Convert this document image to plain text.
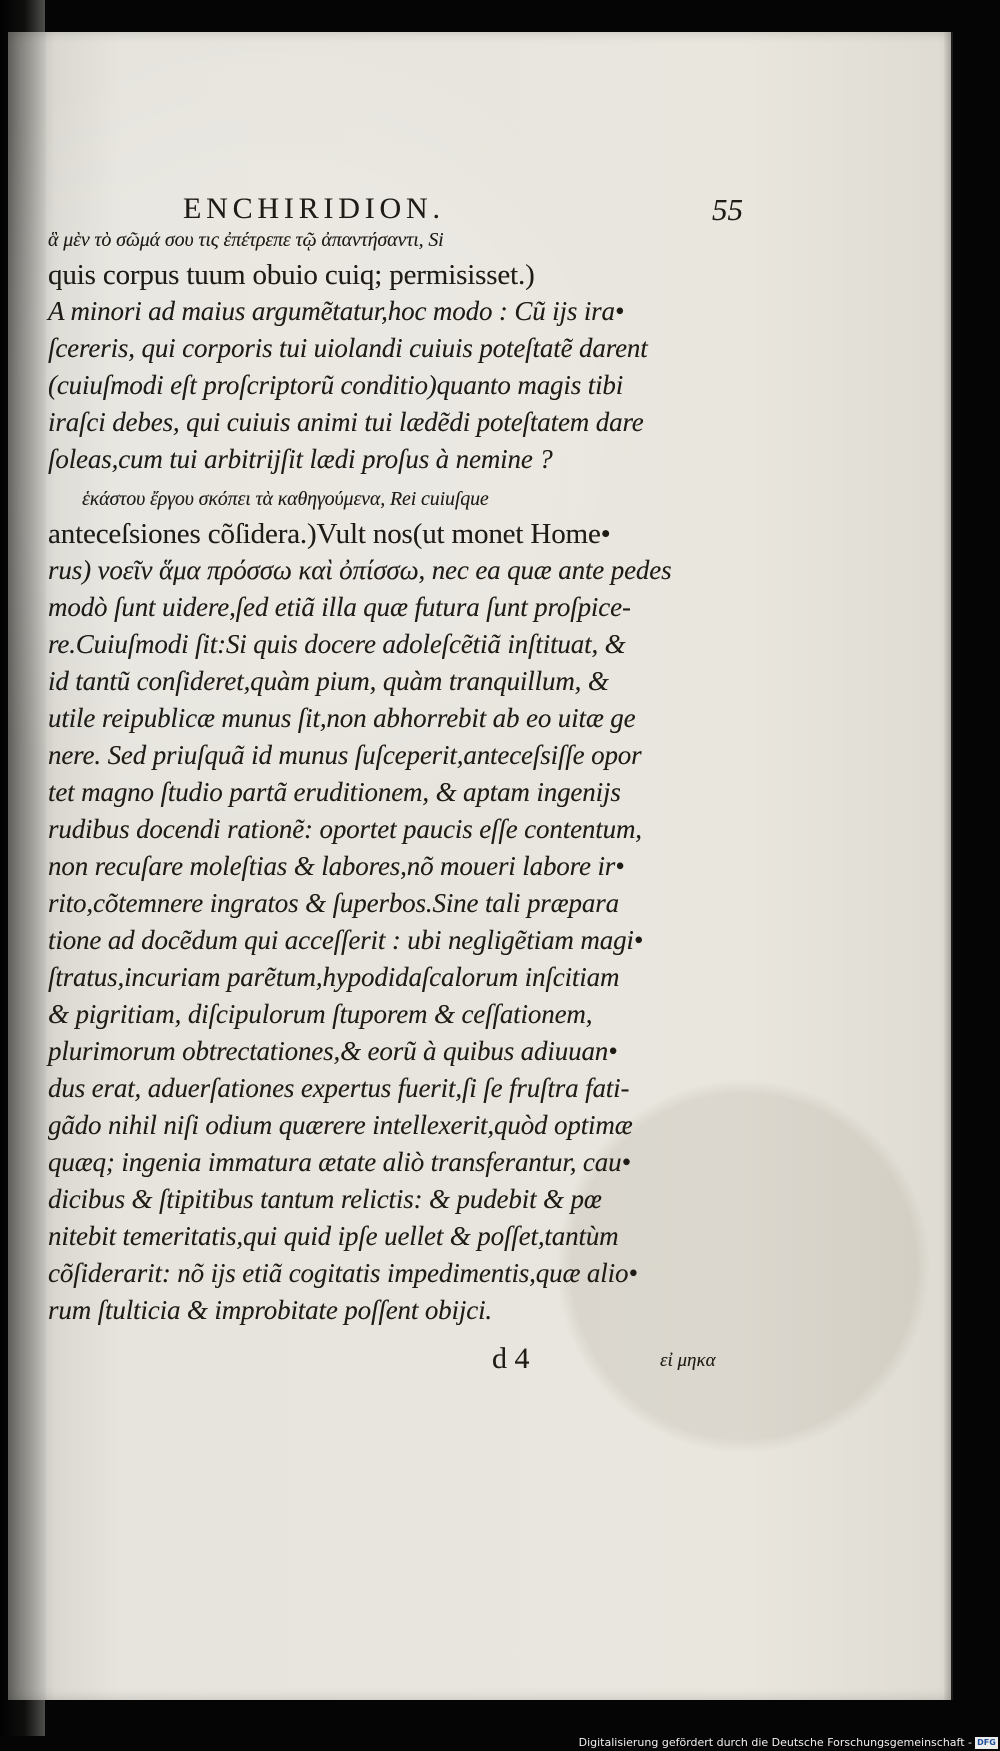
ENCHIRIDION.	55
ἃ μὲν τὸ σῶμά σου τις ἐπέτρεπε τῷ ἀπαντήσαντι, Si
quis corpus tuum obuio cuiq; permisisset.)
A minori ad maius argumẽtatur,hoc modo : Cũ ijs ira•
ſcereris, qui corporis tui uiolandi cuiuis poteſtatẽ darent
(cuiuſmodi eſt proſcriptorũ conditio)quanto magis tibi
iraſci debes, qui cuiuis animi tui lædẽdi poteſtatem dare
ſoleas,cum tui arbitrijſit lædi proſus à nemine ?
ἑκάστου ἔργου σκόπει τὰ καθηγούμενα, Rei cuiuſque
anteceſsiones cõſidera.)Vult nos(ut monet Home•
rus) νοεῖν ἅμα πρόσσω καὶ ὀπίσσω, nec ea quæ ante pedes
modò ſunt uidere,ſed etiã illa quæ futura ſunt proſpice-
re.Cuiuſmodi ſit:Si quis docere adoleſcẽtiã inſtituat, &
id tantũ conſideret,quàm pium, quàm tranquillum, &
utile reipublicæ munus ſit,non abhorrebit ab eo uitæ ge
nere. Sed priuſquã id munus ſuſceperit,anteceſsiſſe opor
tet magno ſtudio partã eruditionem, & aptam ingenijs
rudibus docendi rationẽ: oportet paucis eſſe contentum,
non recuſare moleſtias & labores,nõ moueri labore ir•
rito,cõtemnere ingratos & ſuperbos.Sine tali præpara
tione ad docẽdum qui acceſſerit : ubi negligẽtiam magi•
ſtratus,incuriam parẽtum,hypodidaſcalorum inſcitiam
& pigritiam, diſcipulorum ſtuporem & ceſſationem,
plurimorum obtrectationes,& eorũ à quibus adiuuan•
dus erat, aduerſationes expertus fuerit,ſi ſe fruſtra fati-
gãdo nihil niſi odium quærere intellexerit,quòd optimæ
quæq; ingenia immatura ætate aliò transferantur, cau•
dicibus & ſtipitibus tantum relictis: & pudebit & pœ
nitebit temeritatis,qui quid ipſe uellet & poſſet,tantùm
cõſiderarit: nõ ijs etiã cogitatis impedimentis,quæ alio•
rum ſtulticia & improbitate poſſent obijci.
d 4	εἰ μηκα
Digitalisierung gefördert durch die Deutsche Forschungsgemeinschaft - DFG
